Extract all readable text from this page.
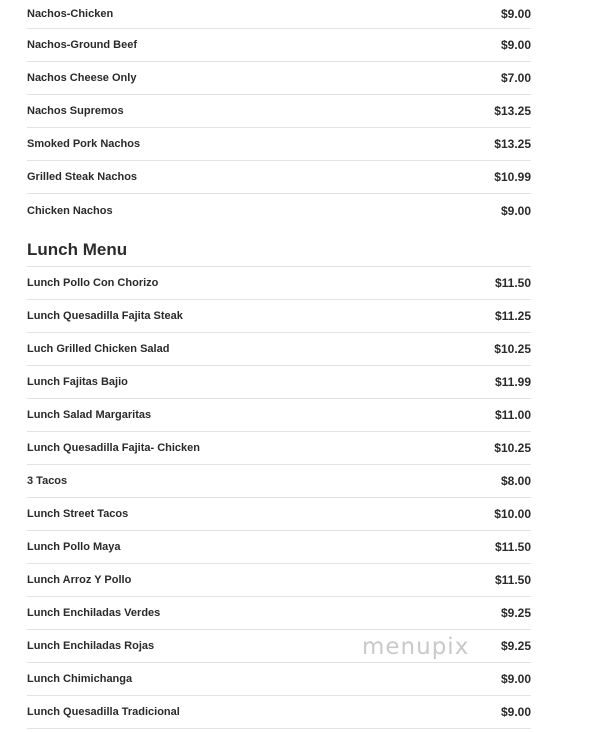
Nachos-Chicken	$9.00
Nachos-Ground Beef	$9.00
Nachos Cheese Only	$7.00
Nachos Supremos	$13.25
Smoked Pork Nachos	$13.25
Grilled Steak Nachos	$10.99
Chicken Nachos	$9.00
Lunch Menu
Lunch Pollo Con Chorizo	$11.50
Lunch Quesadilla Fajita Steak	$11.25
Luch Grilled Chicken Salad	$10.25
Lunch Fajitas Bajio	$11.99
Lunch Salad Margaritas	$11.00
Lunch Quesadilla Fajita- Chicken	$10.25
3 Tacos	$8.00
Lunch Street Tacos	$10.00
Lunch Pollo Maya	$11.50
Lunch Arroz Y Pollo	$11.50
Lunch Enchiladas Verdes	$9.25
Lunch Enchiladas Rojas	$9.25
Lunch Chimichanga	$9.00
Lunch Quesadilla Tradicional	$9.00
menupix
